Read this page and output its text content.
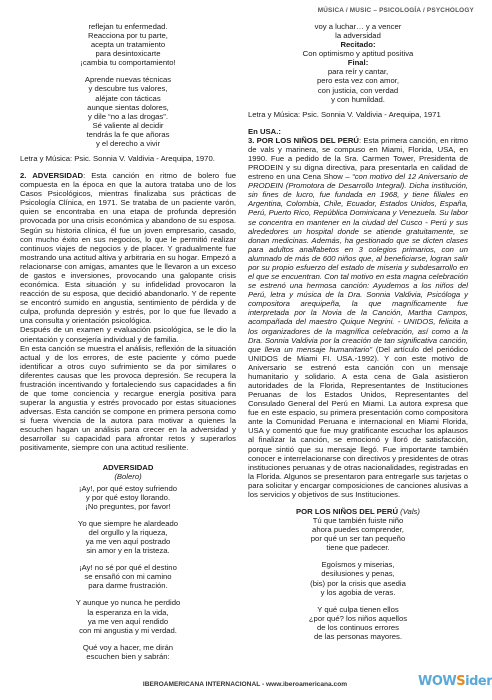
MÚSICA / MUSIC – PSICOLOGÍA / PSYCHOLOGY

reflejan tu enfermedad.

Reacciona por tu parte,

acepta un tratamiento

para desintoxicarte

¡cambia tu comportamiento!

Aprende nuevas técnicas

y descubre tus valores,

aléjate con tácticas

aunque sientas dolores,

y dile “no a las drogas”.

Sé valiente al decidir

tendrás la fe que añoras

y el derecho a vivir

Letra y Música: Psic. Sonnia V. Valdivia - Arequipa, 1970.

2. ADVERSIDAD: Esta canción en ritmo de bolero fue compuesta en la época en que la autora trataba uno de los Casos Psicológicos, mientras finalizaba sus prácticas de Psicología Clínica, en 1971. Se trataba de un paciente varón, quien se encontraba en una etapa de profunda depresión provocada por una crisis económica y abandono de su esposa. Según su historia clínica, él fue un joven empresario, casado, con mucho éxito en sus negocios, lo que le permitió realizar continuos viajes de negocios y de placer. Y gradualmente fue mostrando una actitud altiva y arbitraria en su hogar. Empezó a relacionarse con amigas, amantes que le llevaron a un exceso de gastos e inversiones, provocando una galopante crisis económica. Esta situación y su infidelidad provocaron la reacción de su esposa, que decidió abandonarlo. Y de repente se encontró sumido en angustia, sentimiento de pérdida y de culpa, profunda depresión y estrés, por lo que fue llevado a una consulta y orientación psicológica.

Después de un examen y evaluación psicológica, se le dio la orientación y consejería individual y de familia.

En esta canción se muestra el análisis, reflexión de la situación actual y de los errores, de este paciente y cómo puede identificar a otros cuyo sufrimiento se da por similares o diferentes causas que les provoca depresión. Se recupera la frustración incentivando y fortaleciendo sus capacidades a fin de que tome conciencia y recargue energía positiva para superar la angustia y estrés provocado por estas situaciones adversas. Esta canción se compone en primera persona como si fuera vivencia de la autora para motivar a quienes la escuchen hagan un análisis para crecer en la adversidad y desarrollar su capacidad para afrontar retos y superarlos positivamente, siempre con una actitud resiliente.

ADVERSIDAD
(Bolero)

¡Ay!, por qué estoy sufriendo

y por qué estoy llorando.

¡No preguntes, por favor!

Yo que siempre he alardeado

del orgullo y la riqueza,

ya me ven aquí postrado

sin amor y en la tristeza.

¡Ay! no sé por qué el destino

se ensañó con mi camino

para darme frustración.

Y aunque yo nunca he perdido

la esperanza en la vida,

ya me ven aquí rendido

con mi angustia y mi verdad.

Qué voy a hacer, me dirán

escuchen bien y sabrán:

voy a luchar… y a vencer

la adversidad

Recitado:

Con optimismo y aptitud positiva

Final:

para reír y cantar,

pero esta vez con amor,

con justicia, con verdad

y con humildad.

Letra y Música: Psic. Sonnia V. Valdivia - Arequipa, 1971
En USA.:

3. POR LOS NIÑOS DEL PERÚ: Esta primera canción, en ritmo de vals y marinera, se compuso en Miami, Florida, USA, en 1990. Fue a pedido de la Sra. Carmen Tower, Presidenta de PRODEIN y su digna directiva, para presentarla en calidad de estreno en una Cena Show – “con motivo del 12 Aniversario de PRODEIN (Promotora de Desarrollo Integral). Dicha institución, sin fines de lucro, fue fundada en 1968, y tiene filiales en Argentina, Colombia, Chile, Ecuador, Estados Unidos, España, Perú, Puerto Rico, República Dominicana y Venezuela. Su labor se concentra en mantener en la ciudad del Cusco - Perú y sus alrededores un hospital donde se atiende gratuitamente, se donan medicinas. Además, ha gestionado que se dicten clases para adultos analfabetos en 3 colegios primarios, con un alumnado de más de 600 niños que, al beneficiarse, logran salir por su propio esfuerzo del estado de miseria y subdesarrollo en el que se encuentran. Con tal motivo en esta magna celebración se estrenó una hermosa canción: Ayudemos a los niños del Perú, letra y música de la Dra. Sonnia Valdivia, Psicóloga y compositora arequipeña, la que magníficamente fue interpretada por la Novia de la Canción, Martha Campos, acompañada del maestro Quique Negrini. - UNIDOS, felicita a los organizadores de la magnífica celebración, así como a la Dra. Sonnia Valdivia por la creación de tan significativa canción, que lleva un mensaje humanitario” (Del artículo del periódico UNIDOS de Miami FI. USA.-1992). Y con este motivo de Aniversario se estrenó esta canción con un mensaje humanitario y solidario. A esta cena de Gala asistieron autoridades de la Florida, Representantes de Instituciones Peruanas de los Estados Unidos, Representantes del Consulado General del Perú en Miami. La autora expresa que fue en este espacio, su primera presentación como compositora ante la Comunidad Peruana e internacional en Miami Florida, USA y comentó que fue muy gratificante escuchar los aplausos al finalizar la canción, se emocionó y lloró de satisfacción, porque sintió que su mensaje llegó. Fue importante también conocer e interrelacionarse con directivos y presidentes de otras instituciones peruanas y de otras nacionalidades, registradas en la Florida. Algunos se presentaron para entregarle sus tarjetas o para solicitar y encargar composiciones de canciones alusivas a los servicios y objetivos de sus Instituciones.

POR LOS NIÑOS DEL PERÚ (Vals)

Tú que también fuiste niño

ahora puedes comprender,

por qué un ser tan pequeño

tiene que padecer.

Egoísmos y miserias,

desilusiones y penas,

(bis) por la crisis que asedia

y los agobia de veras.

Y qué culpa tienen ellos

¿por qué? los niños aquellos

de los continuos errores

de las personas mayores.

IBEROAMERICANA INTERNACIONAL - www.iberoamericana.com	WOWSider
